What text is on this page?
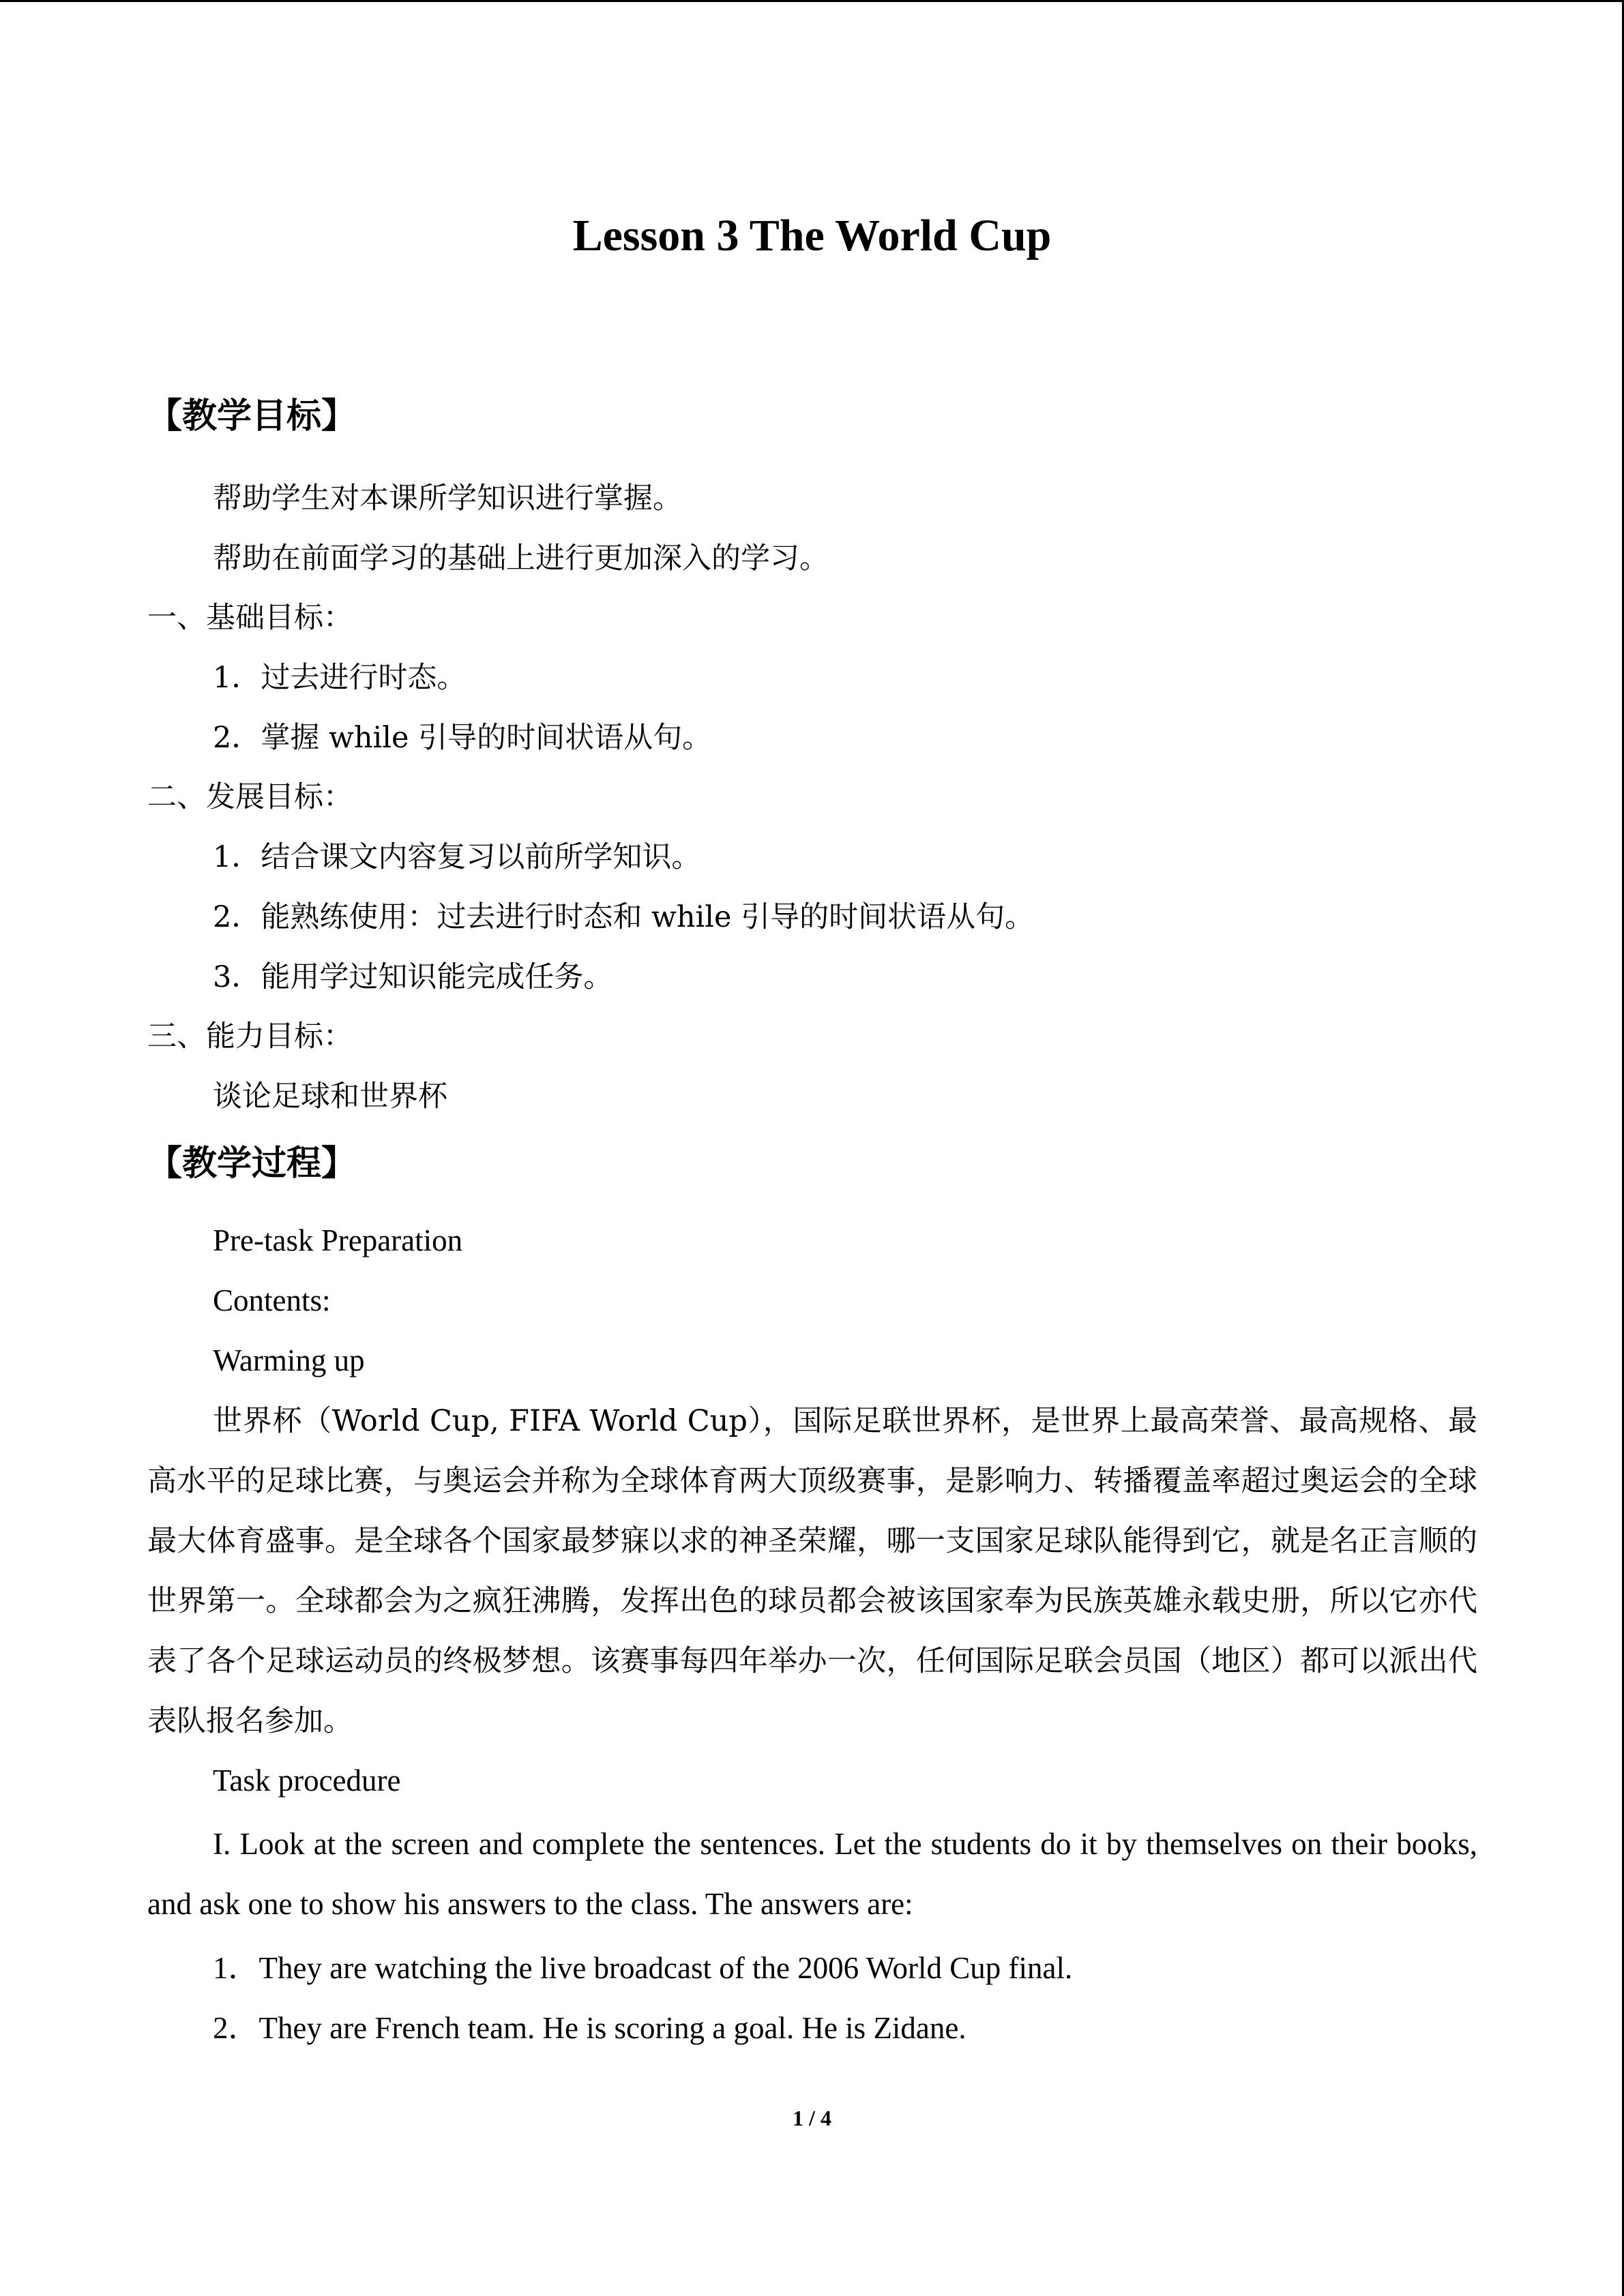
Lesson 3 The World Cup
【教学目标】
帮助学生对本课所学知识进行掌握。
帮助在前面学习的基础上进行更加深入的学习。
一、基础目标：
1．过去进行时态。
2．掌握 while 引导的时间状语从句。
二、发展目标：
1．结合课文内容复习以前所学知识。
2．能熟练使用：过去进行时态和 while 引导的时间状语从句。
3．能用学过知识能完成任务。
三、能力目标：
谈论足球和世界杯
【教学过程】
Pre-task Preparation
Contents:
Warming up
世界杯（World Cup, FIFA World Cup），国际足联世界杯，是世界上最高荣誉、最高规格、最高水平的足球比赛，与奥运会并称为全球体育两大顶级赛事，是影响力、转播覆盖率超过奥运会的全球最大体育盛事。是全球各个国家最梦寐以求的神圣荣耀，哪一支国家足球队能得到它，就是名正言顺的世界第一。全球都会为之疯狂沸腾，发挥出色的球员都会被该国家奉为民族英雄永载史册，所以它亦代表了各个足球运动员的终极梦想。该赛事每四年举办一次，任何国际足联会员国（地区）都可以派出代表队报名参加。
Task procedure
I. Look at the screen and complete the sentences. Let the students do it by themselves on their books, and ask one to show his answers to the class. The answers are:
1．They are watching the live broadcast of the 2006 World Cup final.
2．They are French team. He is scoring a goal. He is Zidane.
1 / 4
